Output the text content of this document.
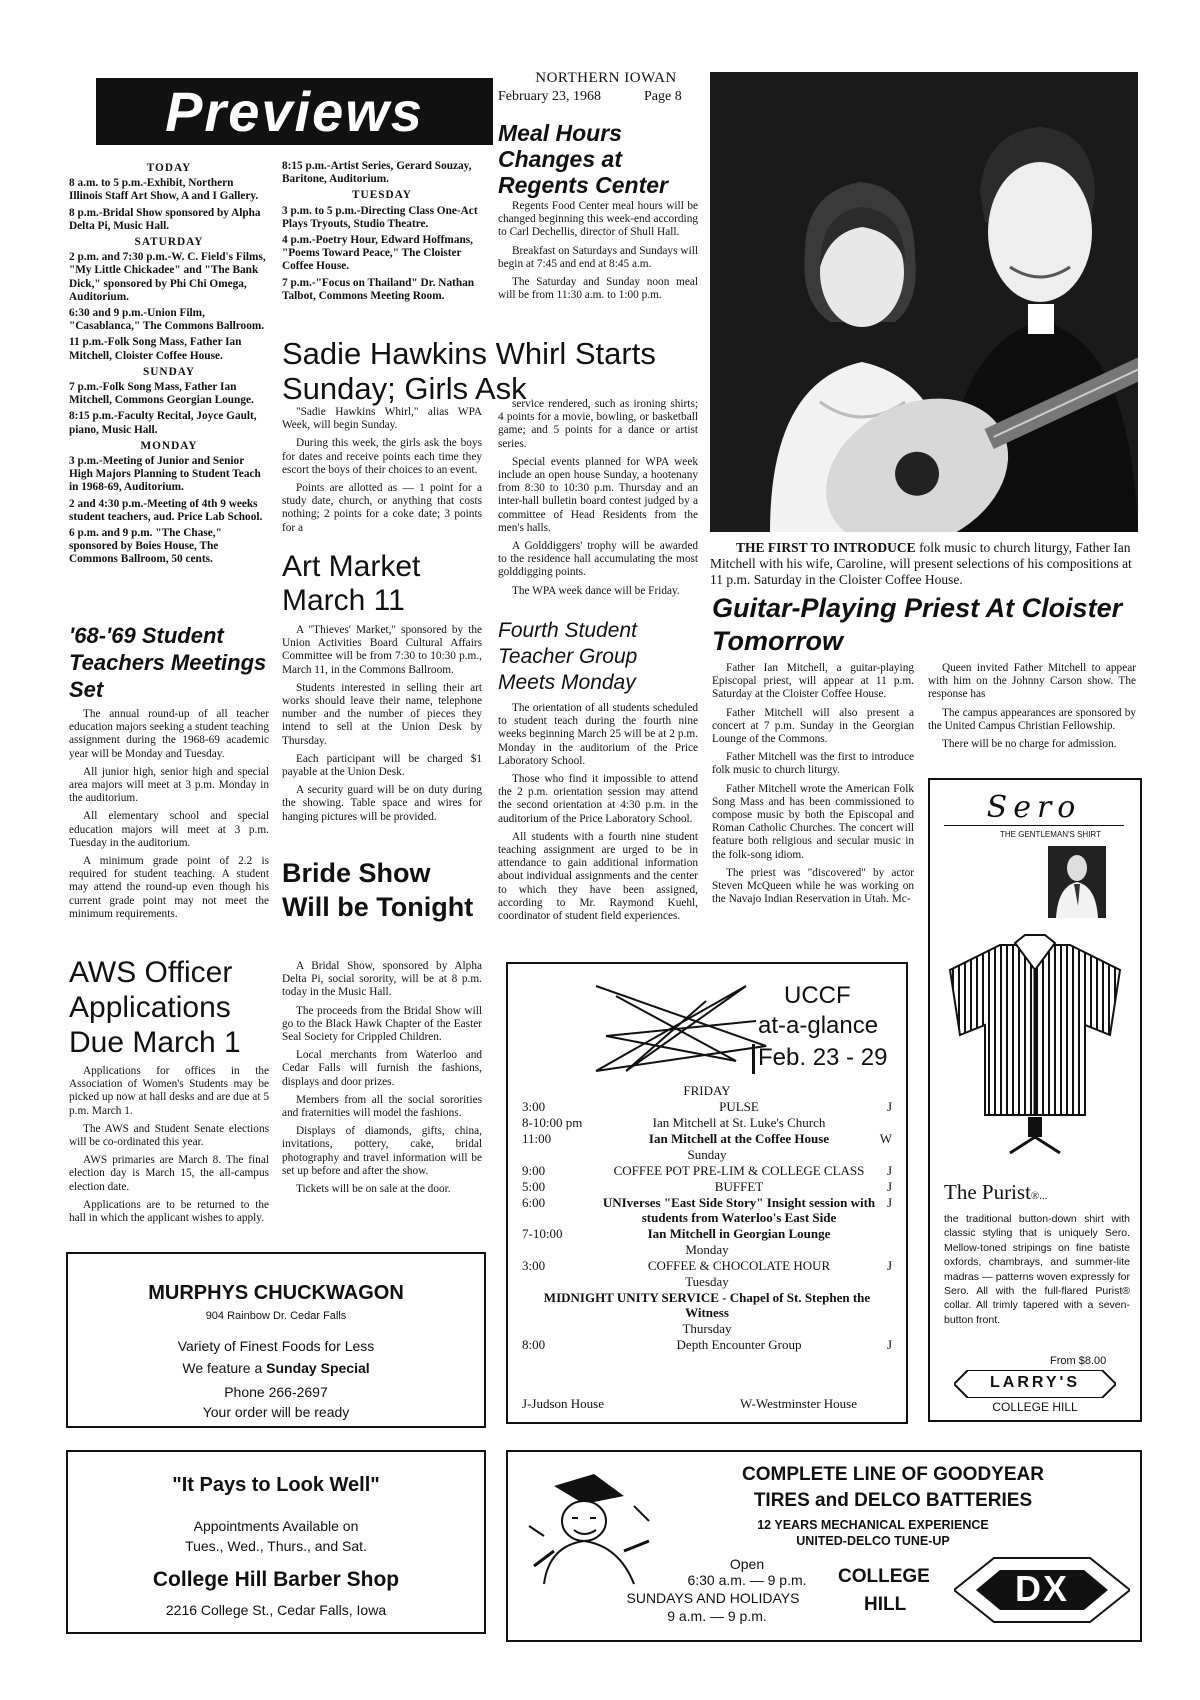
NORTHERN IOWAN
February 23, 1968	Page 8
Previews
TODAY
8 a.m. to 5 p.m.-Exhibit, Northern Illinois Staff Art Show, A and I Gallery.
8 p.m.-Bridal Show sponsored by Alpha Delta Pi, Music Hall.
SATURDAY
2 p.m. and 7:30 p.m.-W. C. Field's Films, "My Little Chickadee" and "The Bank Dick," sponsored by Phi Chi Omega, Auditorium.
6:30 and 9 p.m.-Union Film, "Casablanca," The Commons Ballroom.
11 p.m.-Folk Song Mass, Father Ian Mitchell, Cloister Coffee House.
SUNDAY
7 p.m.-Folk Song Mass, Father Ian Mitchell, Commons Georgian Lounge.
8:15 p.m.-Faculty Recital, Joyce Gault, piano, Music Hall.
MONDAY
3 p.m.-Meeting of Junior and Senior High Majors Planning to Student Teach in 1968-69, Auditorium.
2 and 4:30 p.m.-Meeting of 4th 9 weeks student teachers, aud. Price Lab School.
6 p.m. and 9 p.m. "The Chase," sponsored by Boies House, The Commons Ballroom, 50 cents.
8:15 p.m.-Artist Series, Gerard Souzay, Baritone, Auditorium.
TUESDAY
3 p.m. to 5 p.m.-Directing Class One-Act Plays Tryouts, Studio Theatre.
4 p.m.-Poetry Hour, Edward Hoffmans, "Poems Toward Peace," The Cloister Coffee House.
7 p.m.-"Focus on Thailand" Dr. Nathan Talbot, Commons Meeting Room.
Meal Hours Changes at Regents Center

Regents Food Center meal hours will be changed beginning this week-end according to Carl Dechellis, director of Shull Hall.

Breakfast on Saturdays and Sundays will begin at 7:45 and end at 8:45 a.m.

The Saturday and Sunday noon meal will be from 11:30 a.m. to 1:00 p.m.

Sadie Hawkins Whirl Starts Sunday; Girls Ask

"Sadie Hawkins Whirl," alias WPA Week, will begin Sunday.

During this week, the girls ask the boys for dates and receive points each time they escort the boys of their choices to an event.

Points are allotted as — 1 point for a study date, church, or anything that costs nothing; 2 points for a coke date; 3 points for a

service rendered, such as ironing shirts; 4 points for a movie, bowling, or basketball game; and 5 points for a dance or artist series.

Special events planned for WPA week include an open house Sunday, a hootenany from 8:30 to 10:30 p.m. Thursday and an inter-hall bulletin board contest judged by a committee of Head Residents from the men's halls.

A Golddiggers' trophy will be awarded to the residence hall accumulating the most golddigging points.

The WPA week dance will be Friday.

'68-'69 Student Teachers Meetings Set

The annual round-up of all teacher education majors seeking a student teaching assignment during the 1968-69 academic year will be Monday and Tuesday.

All junior high, senior high and special area majors will meet at 3 p.m. Monday in the auditorium.

All elementary school and special education majors will meet at 3 p.m. Tuesday in the auditorium.

A minimum grade point of 2.2 is required for student teaching. A student may attend the round-up even though his current grade point may not meet the minimum requirements.

AWS Officer Applications Due March 1

Applications for offices in the Association of Women's Students may be picked up now at hall desks and are due at 5 p.m. March 1.

The AWS and Student Senate elections will be co-ordinated this year.

AWS primaries are March 8. The final election day is March 15, the all-campus election date.

Applications are to be returned to the hall in which the applicant wishes to apply.

Art Market March 11

A "Thieves' Market," sponsored by the Union Activities Board Cultural Affairs Committee will be from 7:30 to 10:30 p.m., March 11, in the Commons Ballroom.

Students interested in selling their art works should leave their name, telephone number and the number of pieces they intend to sell at the Union Desk by Thursday.

Each participant will be charged $1 payable at the Union Desk.

A security guard will be on duty during the showing. Table space and wires for hanging pictures will be provided.

Bride Show Will be Tonight

A Bridal Show, sponsored by Alpha Delta Pi, social sorority, will be at 8 p.m. today in the Music Hall.

The proceeds from the Bridal Show will go to the Black Hawk Chapter of the Easter Seal Society for Crippled Children.

Local merchants from Waterloo and Cedar Falls will furnish the fashions, displays and door prizes.

Members from all the social sororities and fraternities will model the fashions.

Displays of diamonds, gifts, china, invitations, pottery, cake, bridal photography and travel information will be set up before and after the show.

Tickets will be on sale at the door.

Fourth Student Teacher Group Meets Monday

The orientation of all students scheduled to student teach during the fourth nine weeks beginning March 25 will be at 2 p.m. Monday in the auditorium of the Price Laboratory School.

Those who find it impossible to attend the 2 p.m. orientation session may attend the second orientation at 4:30 p.m. in the auditorium of the Price Laboratory School.

All students with a fourth nine student teaching assignment are urged to be in attendance to gain additional information about individual assignments and the center to which they have been assigned, according to Mr. Raymond Kuehl, coordinator of student field experiences.

THE FIRST TO INTRODUCE folk music to church liturgy, Father Ian Mitchell with his wife, Caroline, will present selections of his compositions at 11 p.m. Saturday in the Cloister Coffee House.
Guitar-Playing Priest At Cloister Tomorrow

Father Ian Mitchell, a guitar-playing Episcopal priest, will appear at 11 p.m. Saturday at the Cloister Coffee House.

Father Mitchell will also present a concert at 7 p.m. Sunday in the Georgian Lounge of the Commons.

Father Mitchell was the first to introduce folk music to church liturgy.

Father Mitchell wrote the American Folk Song Mass and has been commissioned to compose music by both the Episcopal and Roman Catholic Churches. The concert will feature both religious and secular music in the folk-song idiom.

The priest was "discovered" by actor Steven McQueen while he was working on the Navajo Indian Reservation in Utah. Mc-

Queen invited Father Mitchell to appear with him on the Johnny Carson show. The response has

The campus appearances are sponsored by the United Campus Christian Fellowship.

There will be no charge for admission.

UCCF
at-a-glance
Feb. 23 - 29
FRIDAY
3:00	PULSE	J
8-10:00 pm	Ian Mitchell at St. Luke's Church
11:00	Ian Mitchell at the Coffee House	W
Sunday
9:00	COFFEE POT PRE-LIM & COLLEGE CLASS	J
5:00	BUFFET	J
6:00	UNIverses "East Side Story" Insight session with students from Waterloo's East Side
J
7-10:00	Ian Mitchell in Georgian Lounge
Monday
3:00	COFFEE & CHOCOLATE HOUR	J
Tuesday
MIDNIGHT UNITY SERVICE - Chapel of St. Stephen the Witness
Thursday
8:00	Depth Encounter Group	J
J-Judson House	W-Westminster House
Sero
THE GENTLEMAN'S SHIRT
The Purist®...
the traditional button-down shirt with classic styling that is uniquely Sero. Mellow-toned stripings on fine batiste oxfords, chambrays, and summer-lite madras — patterns woven expressly for Sero. All with the full-flared Purist® collar. All trimly tapered with a seven-button front.
From $8.00
LARRY'S
COLLEGE HILL
MURPHYS CHUCKWAGON
904 Rainbow Dr. Cedar Falls
Variety of Finest Foods for Less
We feature a Sunday Special
Phone 266-2697
Your order will be ready
"It Pays to Look Well"
Appointments Available on
Tues., Wed., Thurs., and Sat.
College Hill Barber Shop
2216 College St., Cedar Falls, Iowa
COMPLETE LINE OF GOODYEAR
TIRES and DELCO BATTERIES
12 YEARS MECHANICAL EXPERIENCE
UNITED-DELCO TUNE-UP
Open
6:30 a.m. — 9 p.m.
SUNDAYS AND HOLIDAYS
9 a.m. — 9 p.m.
COLLEGE
HILL	DX
